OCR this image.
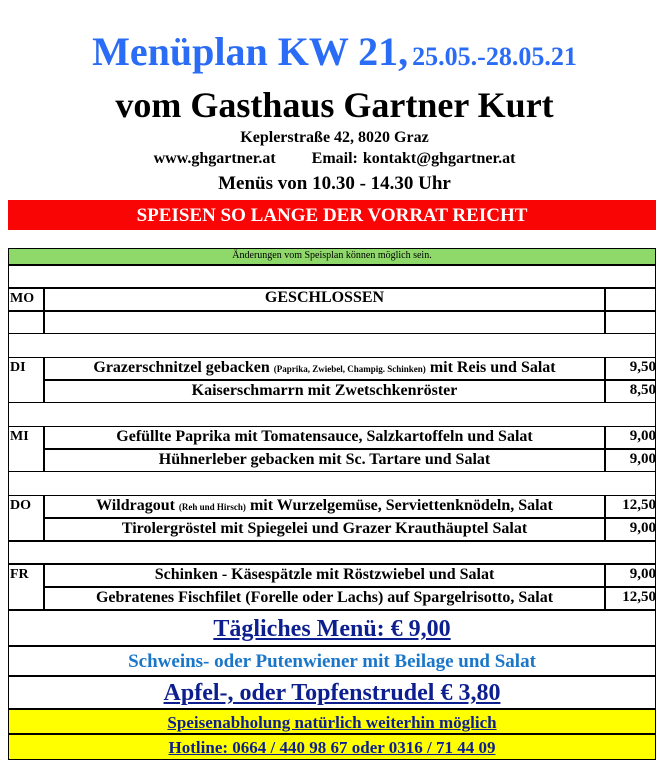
Menüplan KW 21, 25.05.-28.05.21
vom Gasthaus Gartner Kurt
Keplerstraße 42, 8020 Graz
www.ghgartner.at Email: kontakt@ghgartner.at
Menüs von 10.30 - 14.30 Uhr
SPEISEN SO LANGE DER VORRAT REICHT
Änderungen vom Speisplan können möglich sein.
MO	GESCHLOSSEN
DI	Grazerschnitzel gebacken (Paprika, Zwiebel, Champig. Schinken) mit Reis und Salat	9,50
Kaiserschmarrn mit Zwetschkenröster	8,50
MI	Gefüllte Paprika mit Tomatensauce, Salzkartoffeln und Salat	9,00
Hühnerleber gebacken mit Sc. Tartare und Salat	9,00
DO	Wildragout (Reh und Hirsch) mit Wurzelgemüse, Serviettenknödeln, Salat	12,50
Tirolergröstel mit Spiegelei und Grazer Krauthäuptel Salat	9,00
FR	Schinken - Käsespätzle mit Röstzwiebel und Salat	9,00
Gebratenes Fischfilet (Forelle oder Lachs) auf Spargelrisotto, Salat	12,50
Tägliches Menü: € 9,00
Schweins- oder Putenwiener mit Beilage und Salat
Apfel-, oder Topfenstrudel € 3,80
Speisenabholung natürlich weiterhin möglich
Hotline: 0664 / 440 98 67 oder 0316 / 71 44 09
